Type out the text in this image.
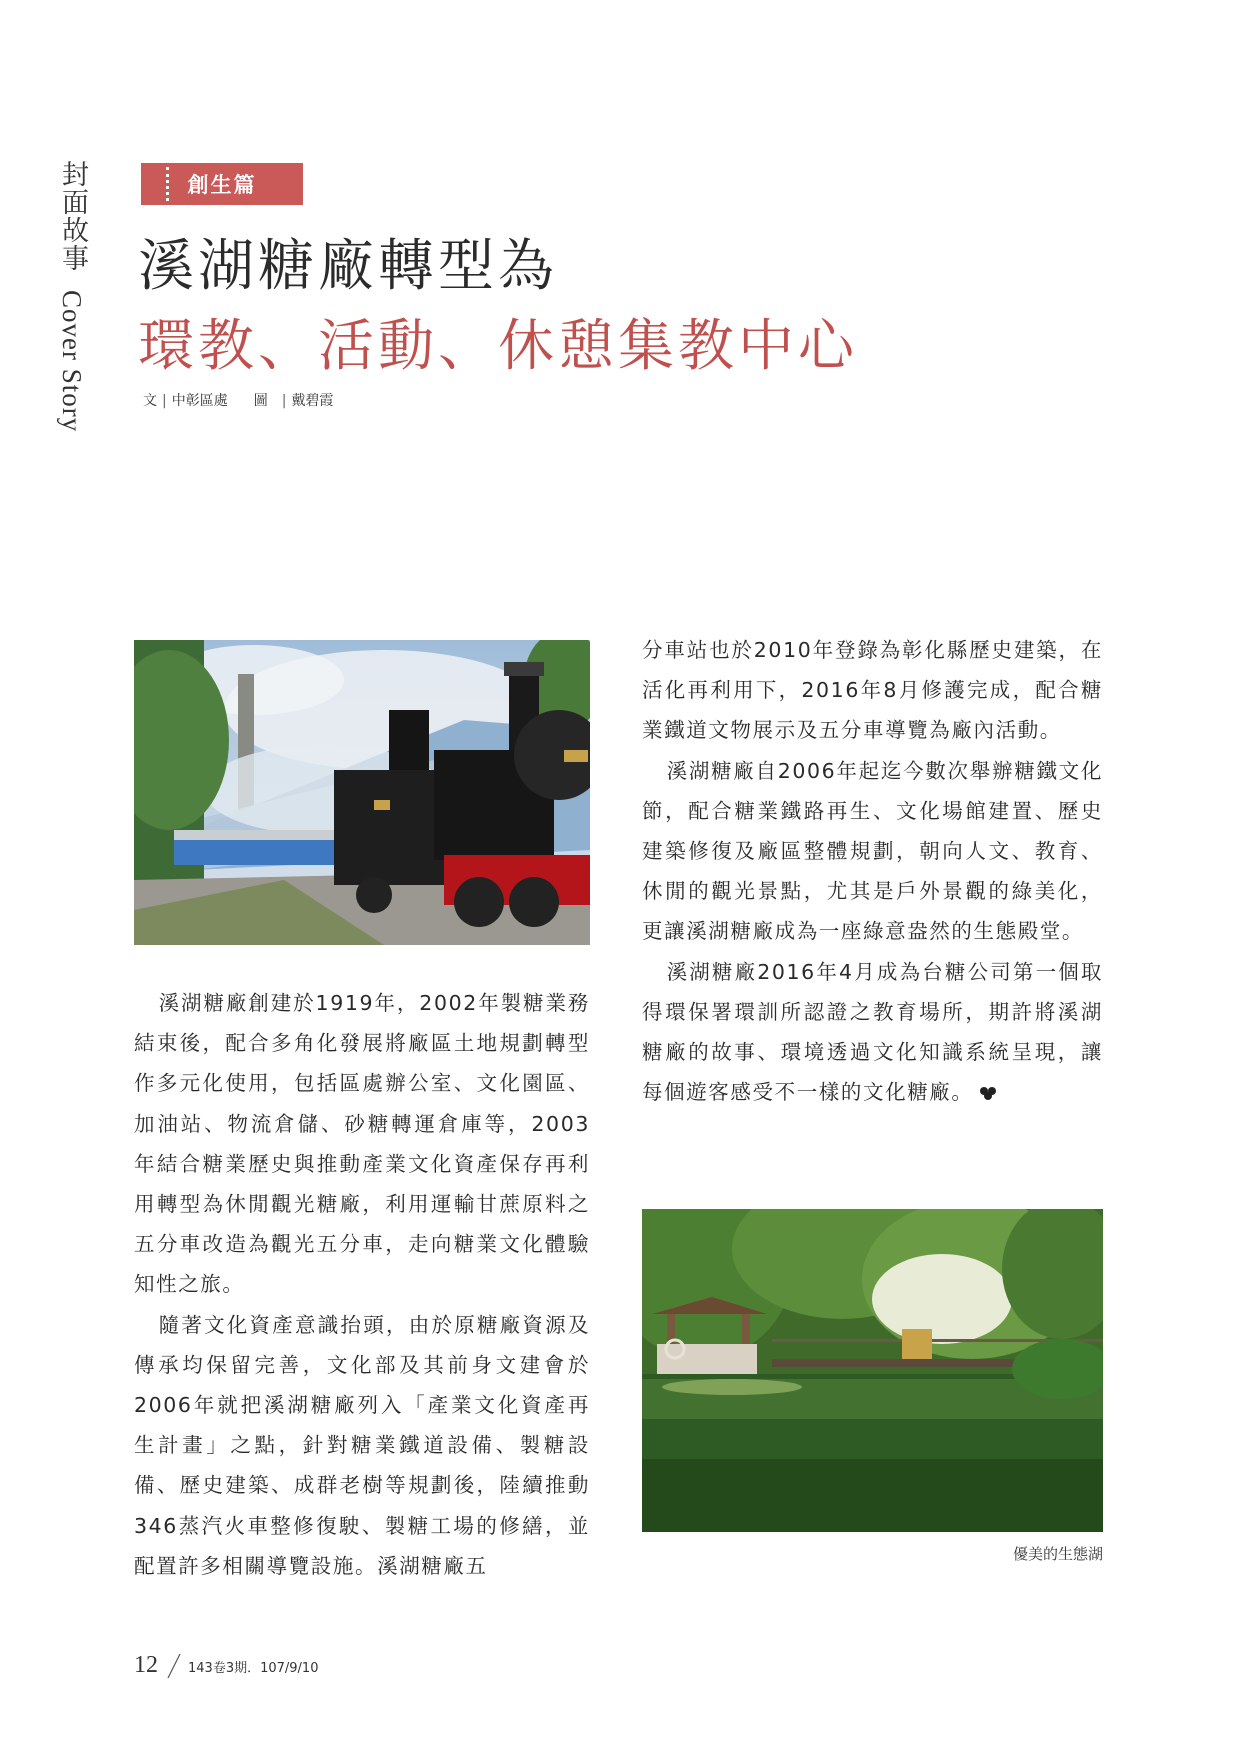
封面故事 Cover Story
創生篇
溪湖糖廠轉型為
環教、活動、休憩集教中心
文 | 中彰區處 圖 | 戴碧霞

溪湖糖廠創建於1919年，2002年製糖業務結束後，配合多角化發展將廠區土地規劃轉型作多元化使用，包括區處辦公室、文化園區、加油站、物流倉儲、砂糖轉運倉庫等，2003年結合糖業歷史與推動產業文化資產保存再利用轉型為休閒觀光糖廠，利用運輸甘蔗原料之五分車改造為觀光五分車，走向糖業文化體驗知性之旅。

隨著文化資產意識抬頭，由於原糖廠資源及傳承均保留完善，文化部及其前身文建會於2006年就把溪湖糖廠列入「產業文化資產再生計畫」之點，針對糖業鐵道設備、製糖設備、歷史建築、成群老樹等規劃後，陸續推動346蒸汽火車整修復駛、製糖工場的修繕，並配置許多相關導覽設施。溪湖糖廠五

分車站也於2010年登錄為彰化縣歷史建築，在活化再利用下，2016年8月修護完成，配合糖業鐵道文物展示及五分車導覽為廠內活動。

溪湖糖廠自2006年起迄今數次舉辦糖鐵文化節，配合糖業鐵路再生、文化場館建置、歷史建築修復及廠區整體規劃，朝向人文、教育、休閒的觀光景點，尤其是戶外景觀的綠美化，更讓溪湖糖廠成為一座綠意盎然的生態殿堂。

溪湖糖廠2016年4月成為台糖公司第一個取得環保署環訓所認證之教育場所，期許將溪湖糖廠的故事、環境透過文化知識系統呈現，讓每個遊客感受不一樣的文化糖廠。

優美的生態湖
12 143卷3期．107/9/10
